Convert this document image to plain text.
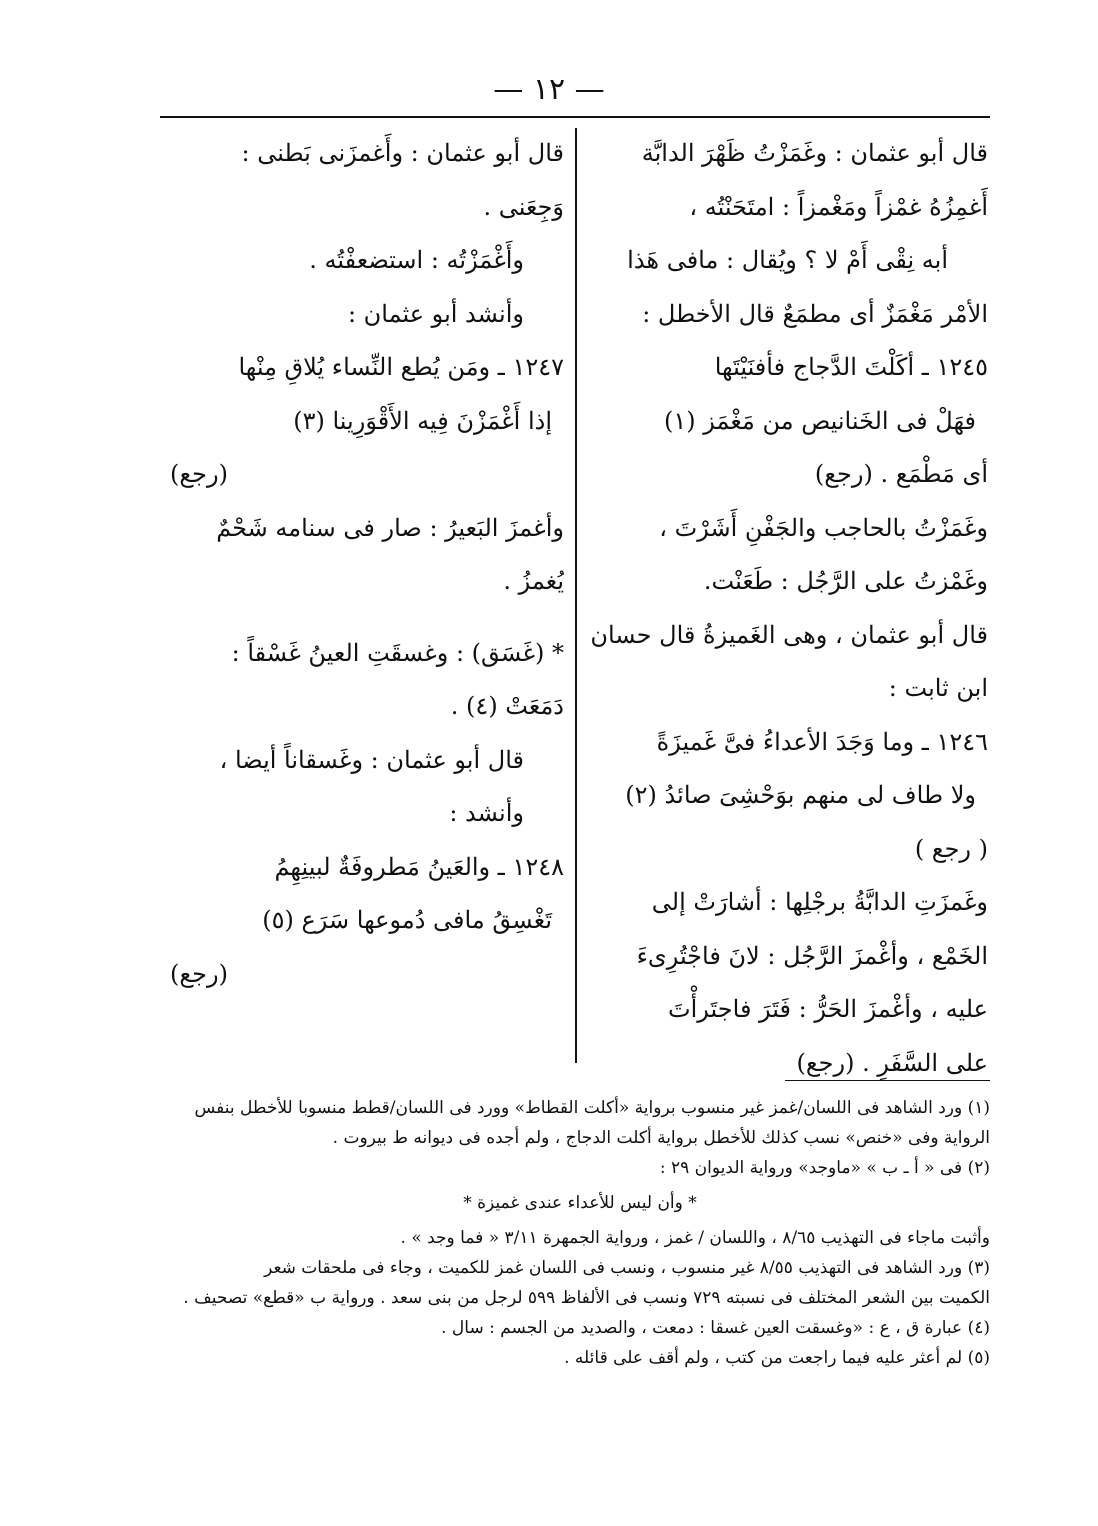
— ١٢ —
قال أبو عثمان : وغَمَزْتُ ظَهْرَ الدابَّة
أَغمِزُهُ غمْزاً ومَغْمزاً : امتَحَنْتُه ،
أبه نِقْى أَمْ لا ؟ ويُقال : مافى هَذا
الأمْر مَغْمَزٌ أى مطمَعٌ قال الأخطل :
١٢٤٥ ـ أكَلْتَ الدَّجاج فأفنَيْتَها
فهَلْ فى الخَنانيص من مَغْمَز (١)
أى مَطْمَع . (رجع)
وغَمَزْتُ بالحاجب والجَفْنِ أَشَرْتَ ،
وغَمْزتُ على الرَّجُل : طَعَنْت.
قال أبو عثمان ، وهى الغَميزةُ قال حسان
ابن ثابت :
١٢٤٦ ـ وما وَجَدَ الأعداءُ فىَّ غَميزَةً
ولا طاف لى منهم بوَحْشِىَ صائدُ (٢)
( رجع )
وغَمزَتِ الدابَّةُ برجْلِها : أشارَتْ إلى
الخَمْع ، وأغْمزَ الرَّجُل : لانَ فاجْتُرِىءَ
عليه ، وأغْمزَ الحَرُّ : فَتَرَ فاجتَرأْتَ
على السَّفَرِ . (رجع)
قال أبو عثمان : وأَغمزَنى بَطنى :
وَجِعَنى .
وأَغْمَزْتُه : استضعفْتُه .
وأنشد أبو عثمان :
١٢٤٧ ـ ومَن يُطع النِّساء يُلاقِ مِنْها
إذا أَغْمَزْنَ فِيه الأَقْوَرِينا (٣)
(رجع)
وأغمزَ البَعيرُ : صار فى سنامه شَحْمٌ
يُغمزُ .
* (غَسَق) : وغسقَتِ العينُ غَسْقاً :
دَمَعَتْ (٤) .
قال أبو عثمان : وغَسقاناً أيضا ،
وأنشد :
١٢٤٨ ـ والعَينُ مَطروفَةٌ لبينِهِمُ
تَغْسِقُ مافى دُموعها سَرَع (٥)
(رجع)
(١) ورد الشاهد فى اللسان/غمز غير منسوب برواية «أكلت القطاط» وورد فى اللسان/قطط منسوبا للأخطل بنفس
الرواية وفى «خنص» نسب كذلك للأخطل برواية أكلت الدجاج ، ولم أجده فى ديوانه ط بيروت .
(٢) فى « أ ـ ب » «ماوجد» ورواية الديوان ٢٩ :
* وأن ليس للأعداء عندى غميزة *
وأثبت ماجاء فى التهذيب ٨/٦٥ ، واللسان / غمز ، ورواية الجمهرة ٣/١١ « فما وجد » .
(٣) ورد الشاهد فى التهذيب ٨/٥٥ غير منسوب ، ونسب فى اللسان غمز للكميت ، وجاء فى ملحقات شعر
الكميت بين الشعر المختلف فى نسبته ٧٢٩ ونسب فى الألفاظ ٥٩٩ لرجل من بنى سعد . ورواية ب «قطع» تصحيف .
(٤) عبارة ق ، ع : «وغسقت العين غسقا : دمعت ، والصديد من الجسم : سال .
(٥) لم أعثر عليه فيما راجعت من كتب ، ولم أقف على قائله .
